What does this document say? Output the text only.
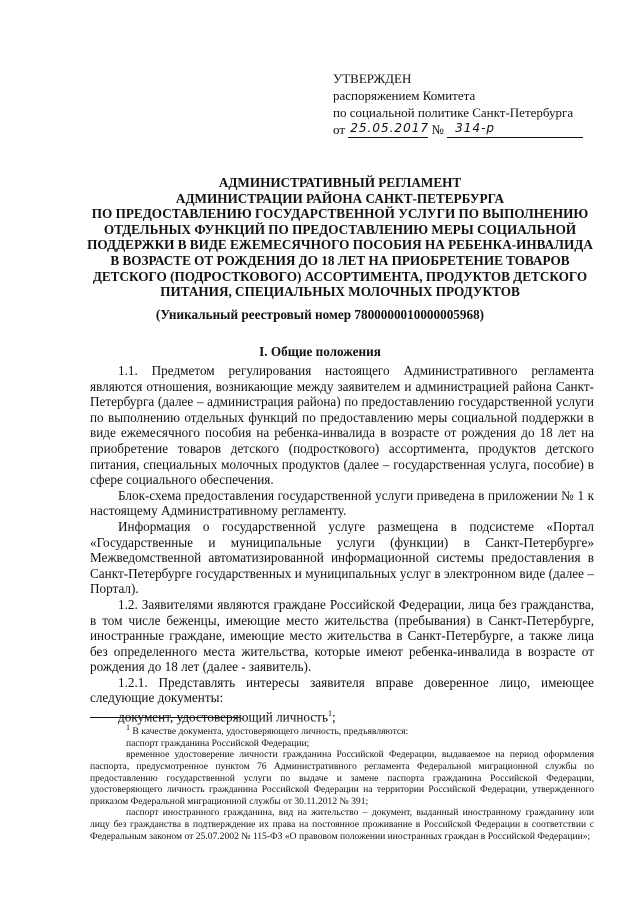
УТВЕРЖДЕН
распоряжением Комитета
по социальной политике Санкт-Петербурга
от 25.05.2017 № 314-р
АДМИНИСТРАТИВНЫЙ РЕГЛАМЕНТ
АДМИНИСТРАЦИИ РАЙОНА САНКТ-ПЕТЕРБУРГА
ПО ПРЕДОСТАВЛЕНИЮ ГОСУДАРСТВЕННОЙ УСЛУГИ ПО ВЫПОЛНЕНИЮ
ОТДЕЛЬНЫХ ФУНКЦИЙ ПО ПРЕДОСТАВЛЕНИЮ МЕРЫ СОЦИАЛЬНОЙ
ПОДДЕРЖКИ В ВИДЕ ЕЖЕМЕСЯЧНОГО ПОСОБИЯ НА РЕБЕНКА-ИНВАЛИДА
В ВОЗРАСТЕ ОТ РОЖДЕНИЯ ДО 18 ЛЕТ НА ПРИОБРЕТЕНИЕ ТОВАРОВ
ДЕТСКОГО (ПОДРОСТКОВОГО) АССОРТИМЕНТА, ПРОДУКТОВ ДЕТСКОГО
ПИТАНИЯ, СПЕЦИАЛЬНЫХ МОЛОЧНЫХ ПРОДУКТОВ
(Уникальный реестровый номер 7800000010000005968)
I. Общие положения

1.1. Предметом регулирования настоящего Административного регламента являются отношения, возникающие между заявителем и администрацией района Санкт-Петербурга (далее – администрация района) по предоставлению государственной услуги по выполнению отдельных функций по предоставлению меры социальной поддержки в виде ежемесячного пособия на ребенка-инвалида в возрасте от рождения до 18 лет на приобретение товаров детского (подросткового) ассортимента, продуктов детского питания, специальных молочных продуктов (далее – государственная услуга, пособие) в сфере социального обеспечения.

Блок-схема предоставления государственной услуги приведена в приложении № 1 к настоящему Административному регламенту.

Информация о государственной услуге размещена в подсистеме «Портал «Государственные и муниципальные услуги (функции) в Санкт-Петербурге» Межведомственной автоматизированной информационной системы предоставления в Санкт-Петербурге государственных и муниципальных услуг в электронном виде (далее – Портал).

1.2. Заявителями являются граждане Российской Федерации, лица без гражданства, в том числе беженцы, имеющие место жительства (пребывания) в Санкт-Петербурге, иностранные граждане, имеющие место жительства в Санкт-Петербурге, а также лица без определенного места жительства, которые имеют ребенка-инвалида в возрасте от рождения до 18 лет (далее - заявитель).

1.2.1. Представлять интересы заявителя вправе доверенное лицо, имеющее следующие документы:

документ, удостоверяющий личность$^1$;

$^1$ В качестве документа, удостоверяющего личность, предъявляются:

паспорт гражданина Российской Федерации;

временное удостоверение личности гражданина Российской Федерации, выдаваемое на период оформления паспорта, предусмотренное пунктом 76 Административного регламента Федеральной миграционной службы по предоставлению государственной услуги по выдаче и замене паспорта гражданина Российской Федерации, удостоверяющего личность гражданина Российской Федерации на территории Российской Федерации, утвержденного приказом Федеральной миграционной службы от 30.11.2012 № 391;

паспорт иностранного гражданина, вид на жительство – документ, выданный иностранному гражданину или лицу без гражданства в подтверждение их права на постоянное проживание в Российской Федерации в соответствии с Федеральным законом от 25.07.2002 № 115-ФЗ «О правовом положении иностранных граждан в Российской Федерации»;
